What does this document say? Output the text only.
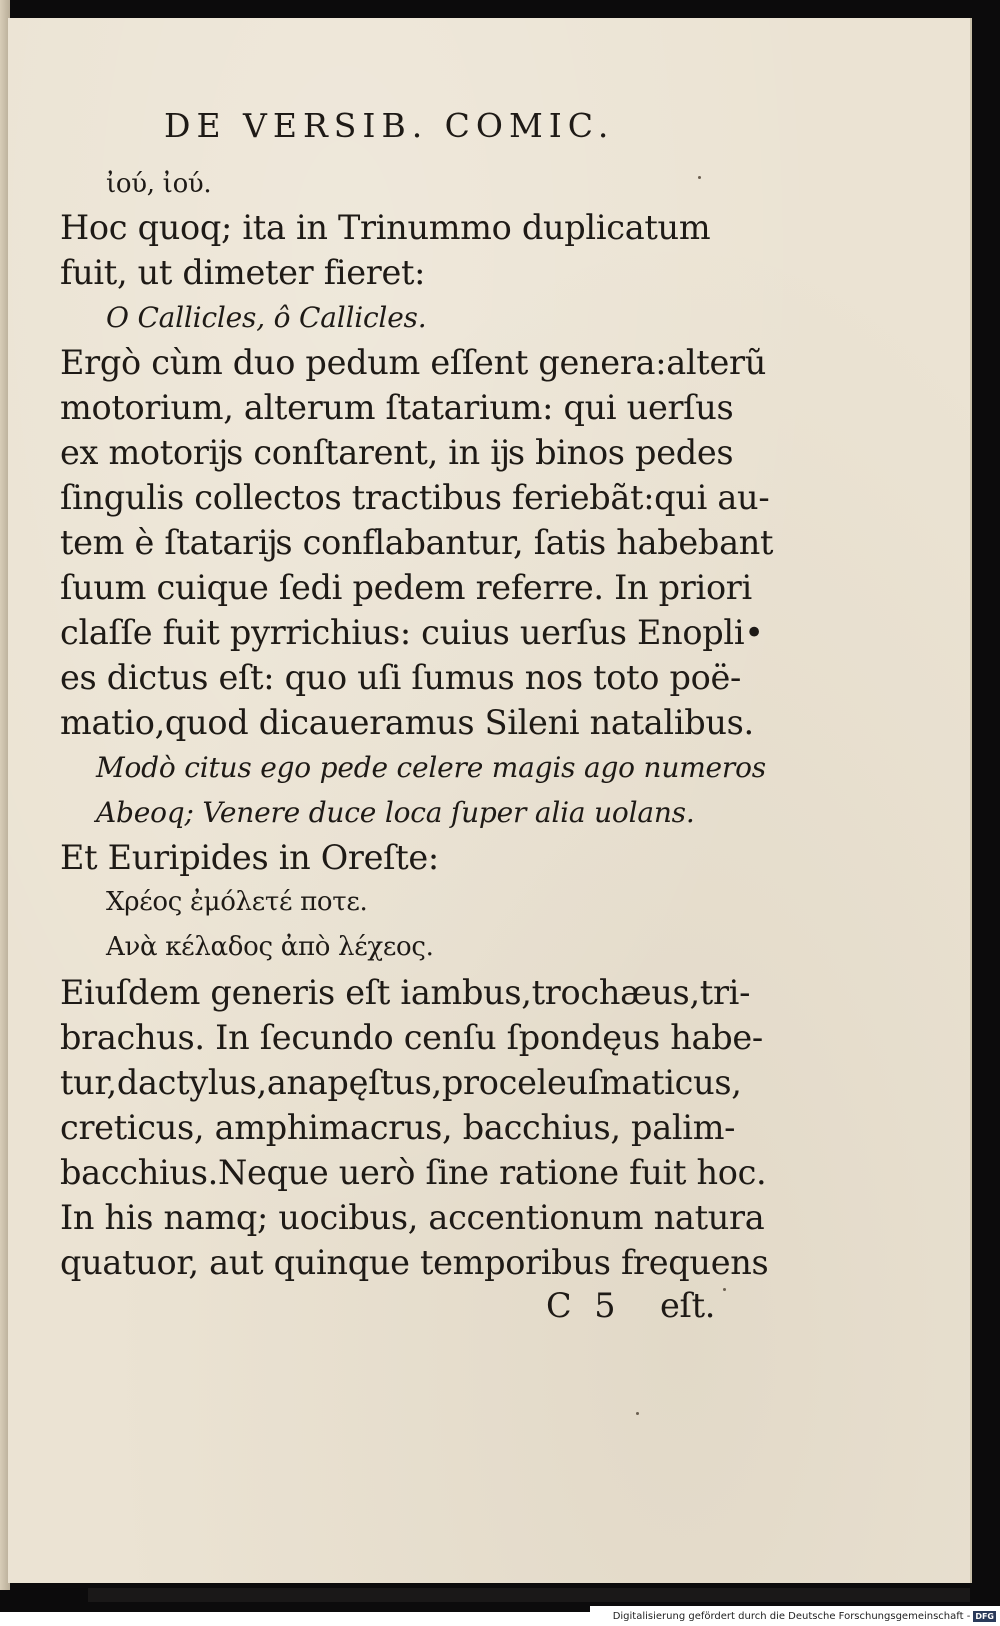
DE VERSIB. COMIC.
ἰού, ἰού.
Hoc quoq; ita in Trinummo duplicatum
fuit, ut dimeter fieret:
O Callicles, ô Callicles.
Ergò cùm duo pedum eſſent genera:alterũ
motorium, alterum ſtatarium: qui uerſus
ex motorĳs conſtarent, in ĳs binos pedes
ſingulis collectos tractibus feriebãt:qui au-
tem è ſtatarĳs conflabantur, ſatis habebant
ſuum cuique ſedi pedem referre. In priori
claſſe fuit pyrrichius: cuius uerſus Enopli•
es dictus eſt: quo uſi ſumus nos toto poë-
matio,quod dicaueramus Sileni natalibus.
Modò citus ego pede celere magis ago numeros
Abeoq; Venere duce loca ſuper alia uolans.
Et Euripides in Oreſte:
Χρέος ἐμόλετέ ποτε.
Ανὰ κέλαδος ἀπὸ λέχεος.
Eiuſdem generis eſt iambus,trochæus,tri-
brachus. In ſecundo cenſu ſpondęus habe-
tur,dactylus,anapęſtus,proceleuſmaticus,
creticus, amphimacrus, bacchius, palim-
bacchius.Neque uerò ſine ratione fuit hoc.
In his namq; uocibus, accentionum natura
quatuor, aut quinque temporibus frequens
C 5 eſt.
Digitalisierung gefördert durch die Deutsche Forschungsgemeinschaft - DFG
